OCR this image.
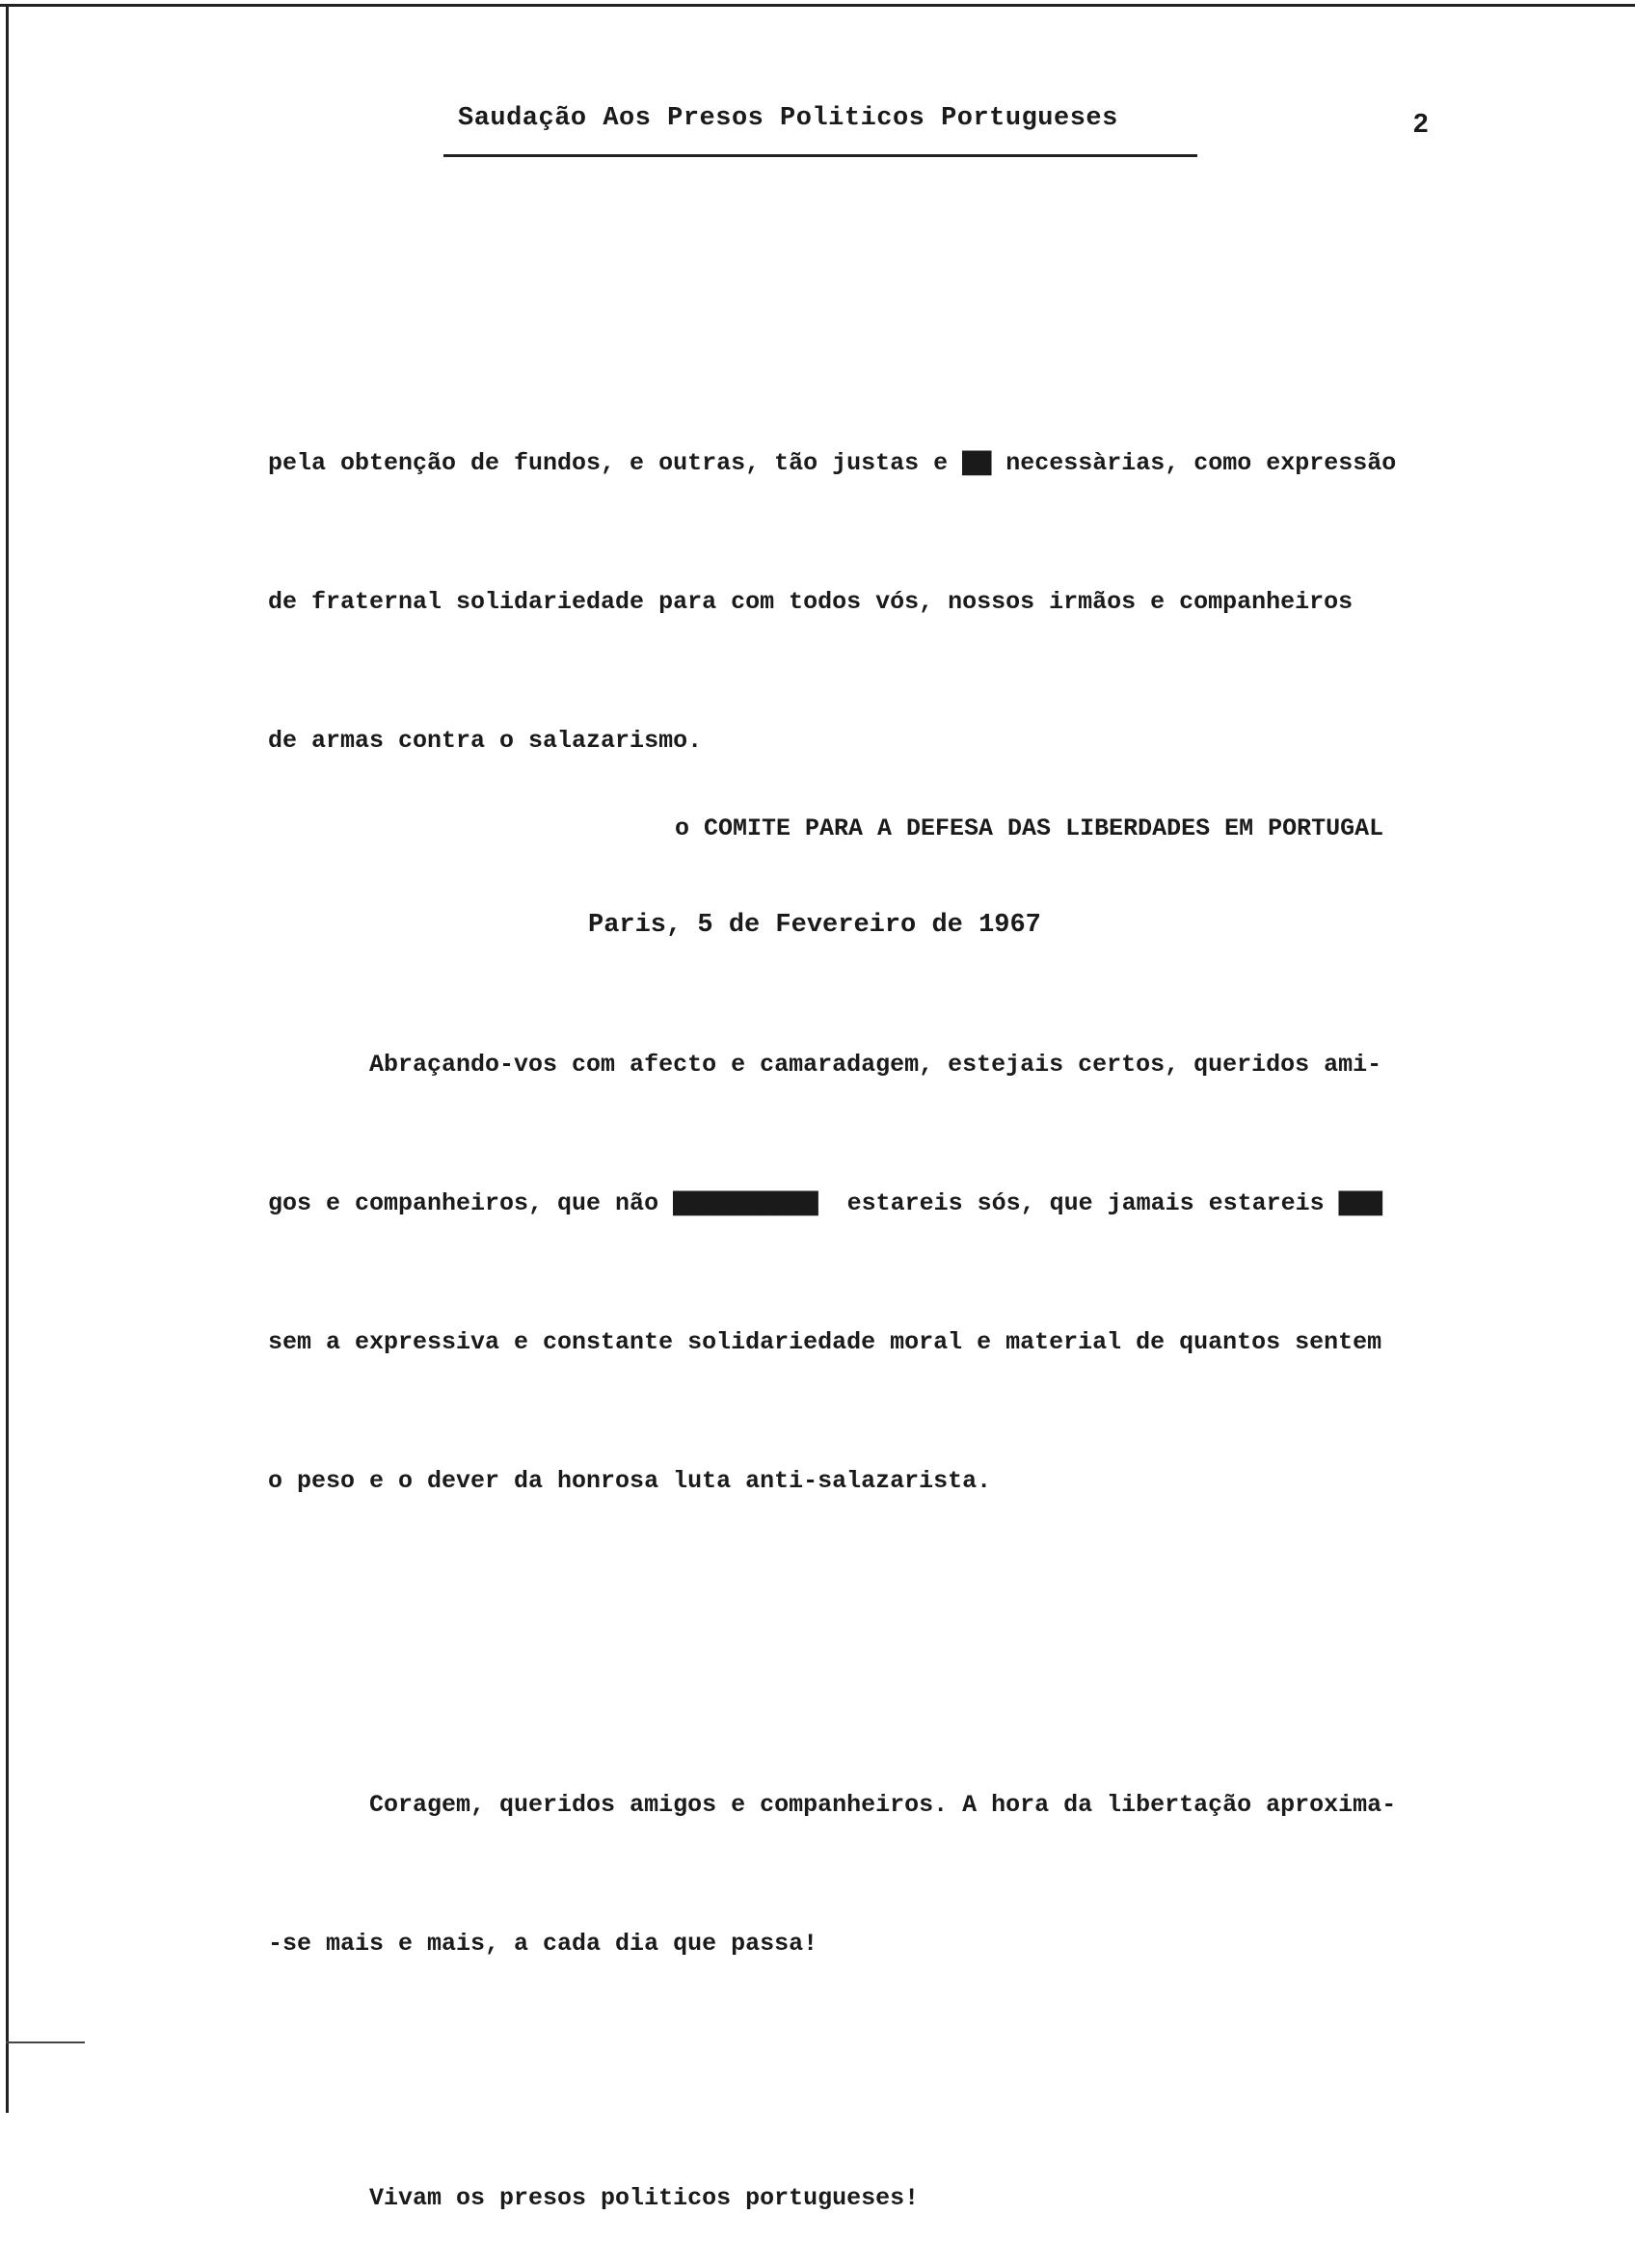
Saudação Aos Presos Politicos Portugueses	2

pela obtenção de fundos, e outras, tão justas e ▇▇ necessàrias, como expressão

de fraternal solidariedade para com todos vós, nossos irmãos e companheiros

de armas contra o salazarismo.

Abraçando-vos com afecto e camaradagem, estejais certos, queridos ami-

gos e companheiros, que não ▇▇▇▇▇▇▇▇▇▇  estareis sós, que jamais estareis ▇▇▇

sem a expressiva e constante solidariedade moral e material de quantos sentem

o peso e o dever da honrosa luta anti-salazarista.

Coragem, queridos amigos e companheiros. A hora da libertação aproxima-

-se mais e mais, a cada dia que passa!

Vivam os presos politicos portugueses!

o COMITE PARA A DEFESA DAS LIBERDADES EM PORTUGAL
Paris, 5 de Fevereiro de 1967
